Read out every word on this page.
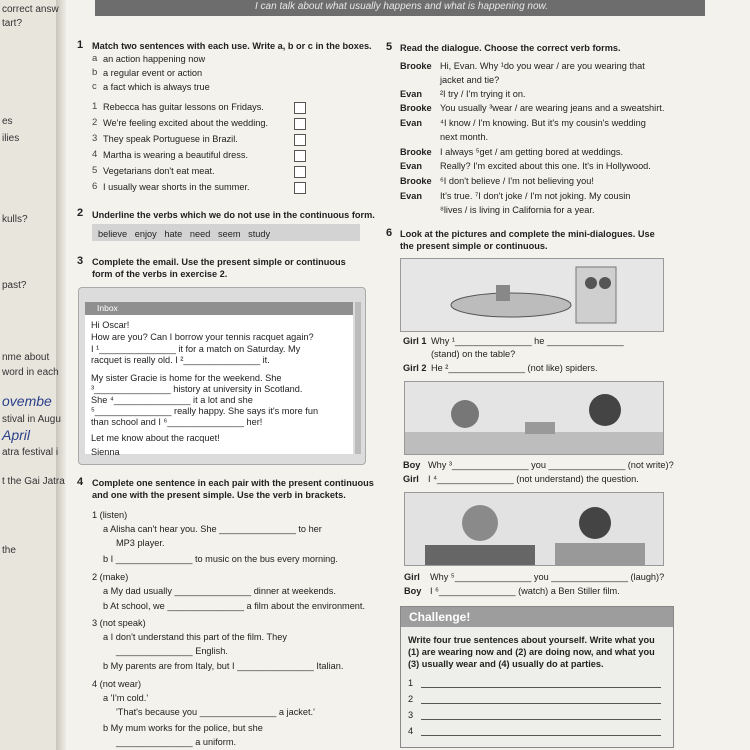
I can talk about what usually happens and what is happening now.
correct answ
tart?
es
ilies
kulls?
past?
nme about
word in each
ovembe
stival in Augu
April
atra festival i
t the Gai Jatra
the
1 Match two sentences with each use. Write a, b or c in the boxes.
a an action happening now
b a regular event or action
c a fact which is always true
1 Rebecca has guitar lessons on Fridays.
2 We're feeling excited about the wedding.
3 They speak Portuguese in Brazil.
4 Martha is wearing a beautiful dress.
5 Vegetarians don't eat meat.
6 I usually wear shorts in the summer.
2 Underline the verbs which we do not use in the continuous form.
believe   enjoy   hate   need   seem   study
3 Complete the email. Use the present simple or continuous
form of the verbs in exercise 2.
Inbox
Hi Oscar!
How are you? Can I borrow your tennis racquet again?
I ¹_______________ it for a match on Saturday. My
racquet is really old. I ²_______________ it.
My sister Gracie is home for the weekend. She
³_______________ history at university in Scotland.
She ⁴_______________ it a lot and she
⁵_______________ really happy. She says it's more fun
than school and I ⁶_______________ her!
Let me know about the racquet!
Sienna
4 Complete one sentence in each pair with the present continuous
and one with the present simple. Use the verb in brackets.
1 (listen)
a Alisha can't hear you. She _______________ to her
MP3 player.
b I _______________ to music on the bus every morning.
2 (make)
a My dad usually _______________ dinner at weekends.
b At school, we _______________ a film about the environment.
3 (not speak)
a I don't understand this part of the film. They
_______________ English.
b My parents are from Italy, but I _______________ Italian.
4 (not wear)
a 'I'm cold.'
'That's because you _______________ a jacket.'
b My mum works for the police, but she
_______________ a uniform.
5 Read the dialogue. Choose the correct verb forms.
Brooke Hi, Evan. Why ¹do you wear / are you wearing that
jacket and tie?
Evan ²I try / I'm trying it on.
Brooke You usually ³wear / are wearing jeans and a sweatshirt.
Evan ⁴I know / I'm knowing. But it's my cousin's wedding
next month.
Brooke I always ⁵get / am getting bored at weddings.
Evan Really? I'm excited about this one. It's in Hollywood.
Brooke ⁶I don't believe / I'm not believing you!
Evan It's true. ⁷I don't joke / I'm not joking. My cousin
⁸lives / is living in California for a year.
6 Look at the pictures and complete the mini-dialogues. Use
the present simple or continuous.
Girl 1 Why ¹_______________ he _______________
(stand) on the table?
Girl 2 He ²_______________ (not like) spiders.
Boy Why ³_______________ you _______________ (not write)?
Girl I ⁴_______________ (not understand) the question.
Girl Why ⁵_______________ you _______________ (laugh)?
Boy I ⁶_______________ (watch) a Ben Stiller film.
Challenge!
Write four true sentences about yourself. Write what you
(1) are wearing now and (2) are doing now, and what you
(3) usually wear and (4) usually do at parties.
1
2
3
4
